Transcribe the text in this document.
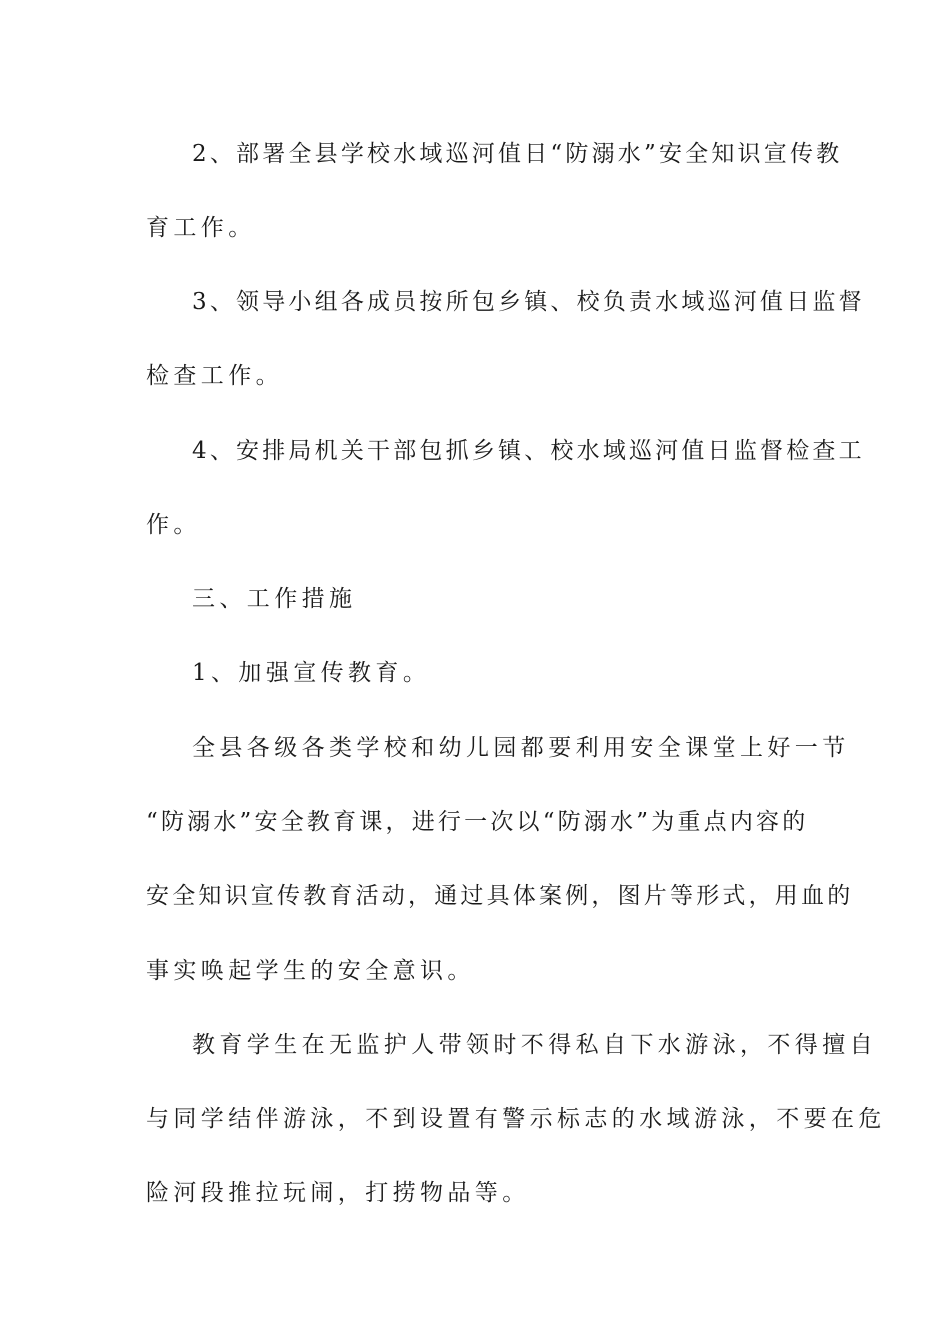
2、部署全县学校水域巡河值日“防溺水”安全知识宣传教
育工作。
3、领导小组各成员按所包乡镇、校负责水域巡河值日监督
检查工作。
4、安排局机关干部包抓乡镇、校水域巡河值日监督检查工
作。
三、工作措施
1、加强宣传教育。
全县各级各类学校和幼儿园都要利用安全课堂上好一节
“防溺水”安全教育课，进行一次以“防溺水”为重点内容的
安全知识宣传教育活动，通过具体案例，图片等形式，用血的
事实唤起学生的安全意识。
教育学生在无监护人带领时不得私自下水游泳，不得擅自
与同学结伴游泳，不到设置有警示标志的水域游泳，不要在危
险河段推拉玩闹，打捞物品等。
